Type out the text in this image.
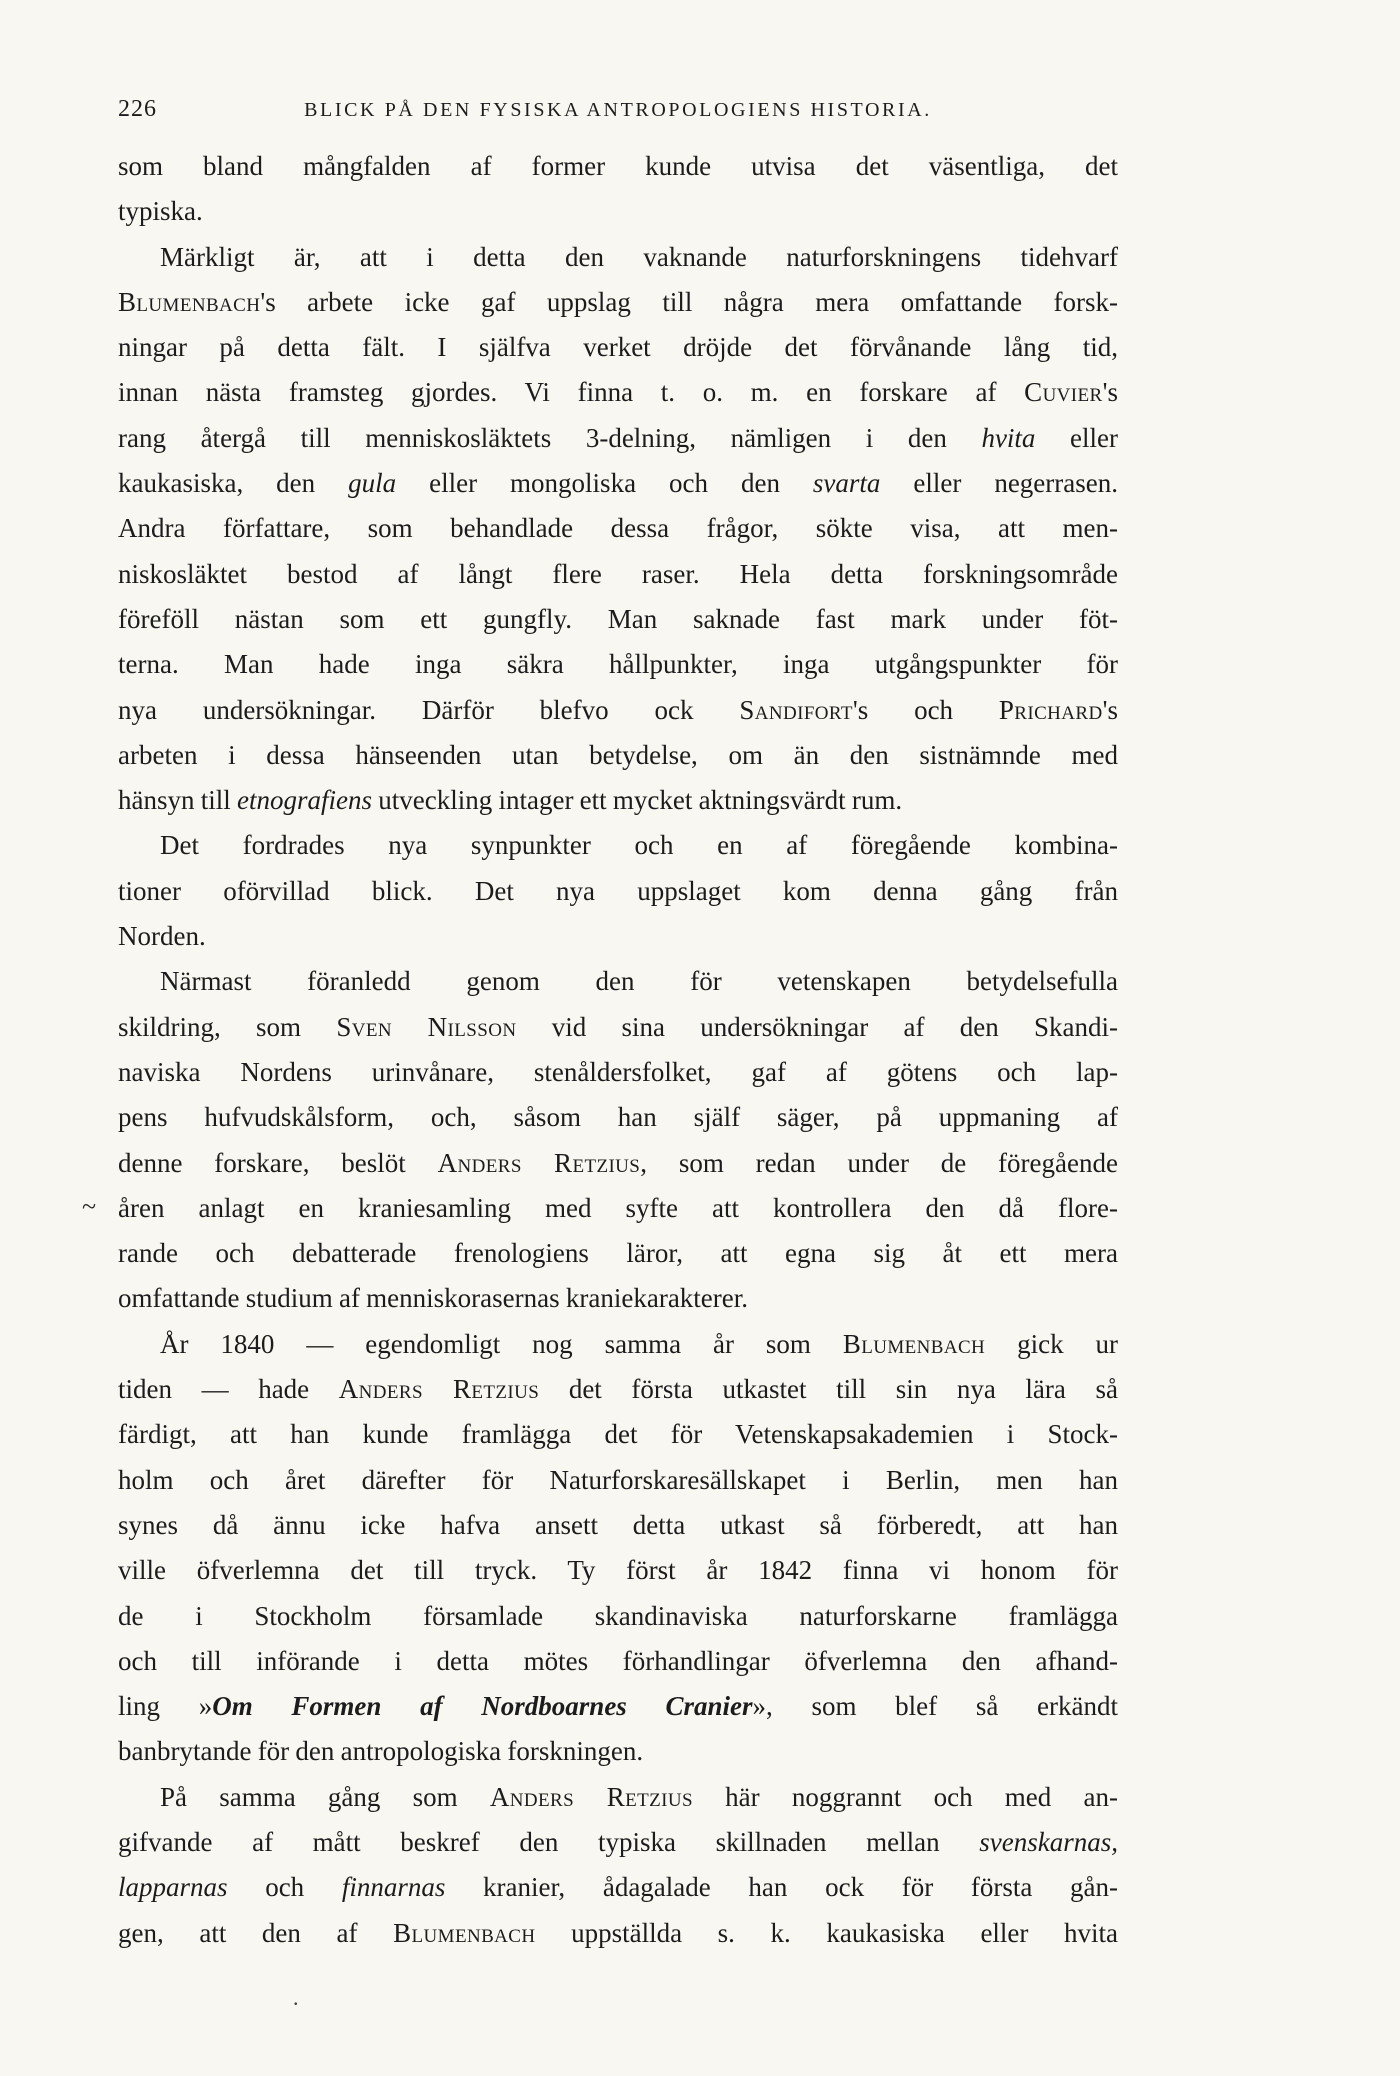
226	BLICK PÅ DEN FYSISKA ANTROPOLOGIENS HISTORIA.
som bland mångfalden af former kunde utvisa det väsentliga, det
typiska.
Märkligt är, att i detta den vaknande naturforskningens tidehvarf
Blumenbach's arbete icke gaf uppslag till några mera omfattande forsk-
ningar på detta fält. I själfva verket dröjde det förvånande lång tid,
innan nästa framsteg gjordes. Vi finna t. o. m. en forskare af Cuvier's
rang återgå till menniskosläktets 3-delning, nämligen i den hvita eller
kaukasiska, den gula eller mongoliska och den svarta eller negerrasen.
Andra författare, som behandlade dessa frågor, sökte visa, att men-
niskosläktet bestod af långt flere raser. Hela detta forskningsområde
föreföll nästan som ett gungfly. Man saknade fast mark under föt-
terna. Man hade inga säkra hållpunkter, inga utgångspunkter för
nya undersökningar. Därför blefvo ock Sandifort's och Prichard's
arbeten i dessa hänseenden utan betydelse, om än den sistnämnde med
hänsyn till etnografiens utveckling intager ett mycket aktningsvärdt rum.
Det fordrades nya synpunkter och en af föregående kombina-
tioner oförvillad blick. Det nya uppslaget kom denna gång från
Norden.
Närmast föranledd genom den för vetenskapen betydelsefulla
skildring, som Sven Nilsson vid sina undersökningar af den Skandi-
naviska Nordens urinvånare, stenåldersfolket, gaf af götens och lap-
pens hufvudskålsform, och, såsom han själf säger, på uppmaning af
denne forskare, beslöt Anders Retzius, som redan under de föregående
~ åren anlagt en kraniesamling med syfte att kontrollera den då flore-
rande och debatterade frenologiens läror, att egna sig åt ett mera
omfattande studium af menniskorasernas kraniekarakterer.
År 1840 — egendomligt nog samma år som Blumenbach gick ur
tiden — hade Anders Retzius det första utkastet till sin nya lära så
färdigt, att han kunde framlägga det för Vetenskapsakademien i Stock-
holm och året därefter för Naturforskaresällskapet i Berlin, men han
synes då ännu icke hafva ansett detta utkast så förberedt, att han
ville öfverlemna det till tryck. Ty först år 1842 finna vi honom för
de i Stockholm församlade skandinaviska naturforskarne framlägga
och till införande i detta mötes förhandlingar öfverlemna den afhand-
ling »Om Formen af Nordboarnes Cranier», som blef så erkändt
banbrytande för den antropologiska forskningen.
På samma gång som Anders Retzius här noggrannt och med an-
gifvande af mått beskref den typiska skillnaden mellan svenskarnas,
lapparnas och finnarnas kranier, ådagalade han ock för första gån-
gen, att den af Blumenbach uppställda s. k. kaukasiska eller hvita
.
